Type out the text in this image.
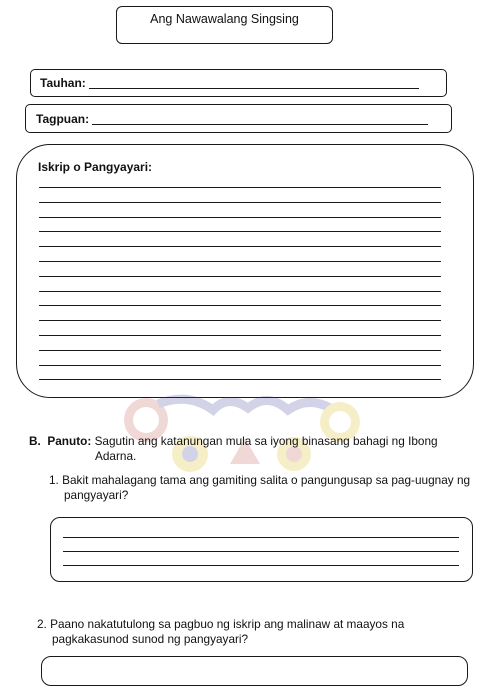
Ang Nawawalang Singsing
Tauhan:
Tagpuan:
Iskrip o Pangyayari:
B. Panuto: Sagutin ang katanungan mula sa iyong binasang bahagi ng Ibong
Adarna.
1. Bakit mahalagang tama ang gamiting salita o pangungusap sa pag-uugnay ng
pangyayari?
2. Paano nakatutulong sa pagbuo ng iskrip ang malinaw at maayos na
pagkakasunod sunod ng pangyayari?
